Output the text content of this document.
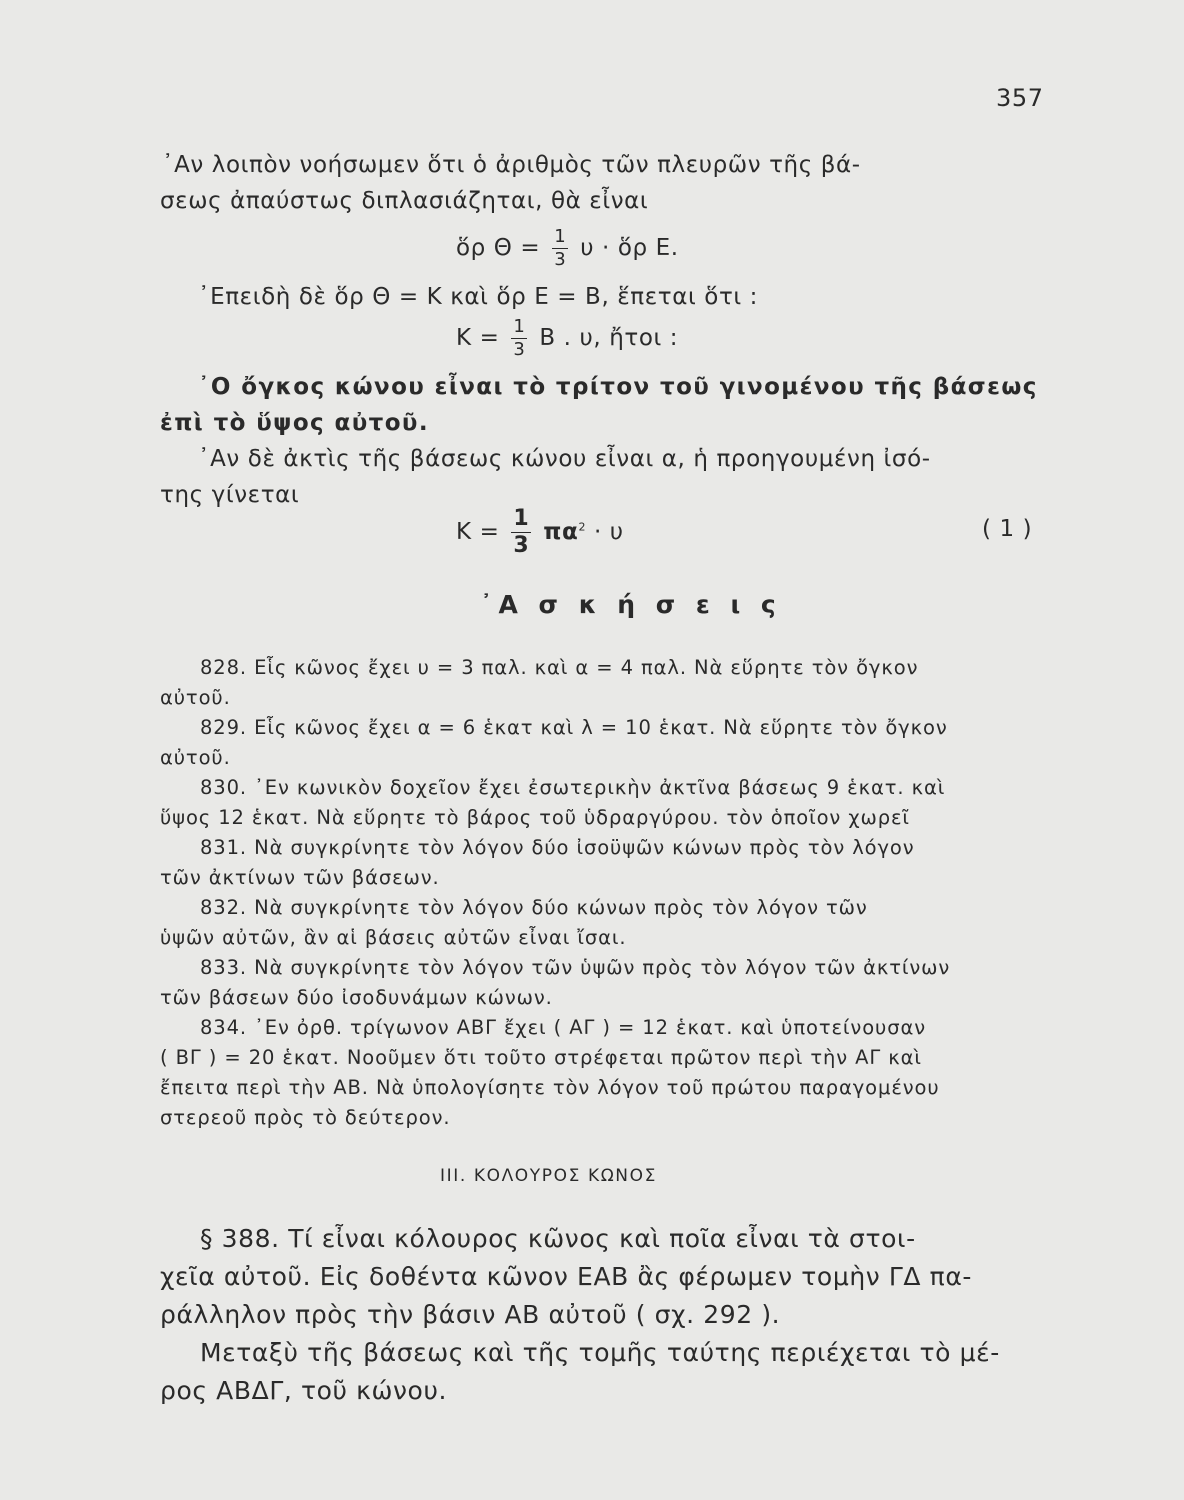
357
᾿Αν λοιπὸν νοήσωμεν ὅτι ὁ ἀριθμὸς τῶν πλευρῶν τῆς βά-
σεως ἀπαύστως διπλασιάζηται, θὰ εἶναι
ὅρ $\Theta = \frac{1}{3}$ υ · ὅρ Ε.
᾿Επειδὴ δὲ ὅρ Θ = Κ καὶ ὅρ Ε = Β, ἕπεται ὅτι :
$K = \frac{1}{3}$ Β . υ, ἤτοι :
᾿Ο ὄγκος κώνου εἶναι τὸ τρίτον τοῦ γινομένου τῆς βάσεως
ἐπὶ τὸ ὕψος αὐτοῦ.
᾿Αν δὲ ἀκτὶς τῆς βάσεως κώνου εἶναι α, ἡ προηγουμένη ἰσό-
της γίνεται
$K = \frac{1}{3} \pi\alpha^2 \cdot \upsilon$	( 1 )
᾿Α σ κ ή σ ε ι ς
828. Εἷς κῶνος ἔχει υ = 3 παλ. καὶ α = 4 παλ. Νὰ εὕρητε τὸν ὄγκον
αὐτοῦ.
829. Εἷς κῶνος ἔχει α = 6 ἑκατ καὶ λ = 10 ἑκατ. Νὰ εὕρητε τὸν ὄγκον
αὐτοῦ.
830. ᾿Εν κωνικὸν δοχεῖον ἔχει ἐσωτερικὴν ἀκτῖνα βάσεως 9 ἑκατ. καὶ
ὕψος 12 ἑκατ. Νὰ εὕρητε τὸ βάρος τοῦ ὑδραργύρου. τὸν ὁποῖον χωρεῖ
831. Νὰ συγκρίνητε τὸν λόγον δύο ἰσοϋψῶν κώνων πρὸς τὸν λόγον
τῶν ἀκτίνων τῶν βάσεων.
832. Νὰ συγκρίνητε τὸν λόγον δύο κώνων πρὸς τὸν λόγον τῶν
ὑψῶν αὐτῶν, ἂν αἱ βάσεις αὐτῶν εἶναι ἴσαι.
833. Νὰ συγκρίνητε τὸν λόγον τῶν ὑψῶν πρὸς τὸν λόγον τῶν ἀκτίνων
τῶν βάσεων δύο ἰσοδυνάμων κώνων.
834. ᾿Εν ὀρθ. τρίγωνον ΑΒΓ ἔχει ( ΑΓ ) = 12 ἑκατ. καὶ ὑποτείνουσαν
( ΒΓ ) = 20 ἑκατ. Νοοῦμεν ὅτι τοῦτο στρέφεται πρῶτον περὶ τὴν ΑΓ καὶ
ἔπειτα περὶ τὴν ΑΒ. Νὰ ὑπολογίσητε τὸν λόγον τοῦ πρώτου παραγομένου
στερεοῦ πρὸς τὸ δεύτερον.
III. ΚΟΛΟΥΡΟΣ ΚΩΝΟΣ
§ 388. Τί εἶναι κόλουρος κῶνος καὶ ποῖα εἶναι τὰ στοι-
χεῖα αὐτοῦ. Εἰς δοθέντα κῶνον ΕΑΒ ἂς φέρωμεν τομὴν ΓΔ πα-
ράλληλον πρὸς τὴν βάσιν ΑΒ αὐτοῦ ( σχ. 292 ).
Μεταξὺ τῆς βάσεως καὶ τῆς τομῆς ταύτης περιέχεται τὸ μέ-
ρος ΑΒΔΓ, τοῦ κώνου.
